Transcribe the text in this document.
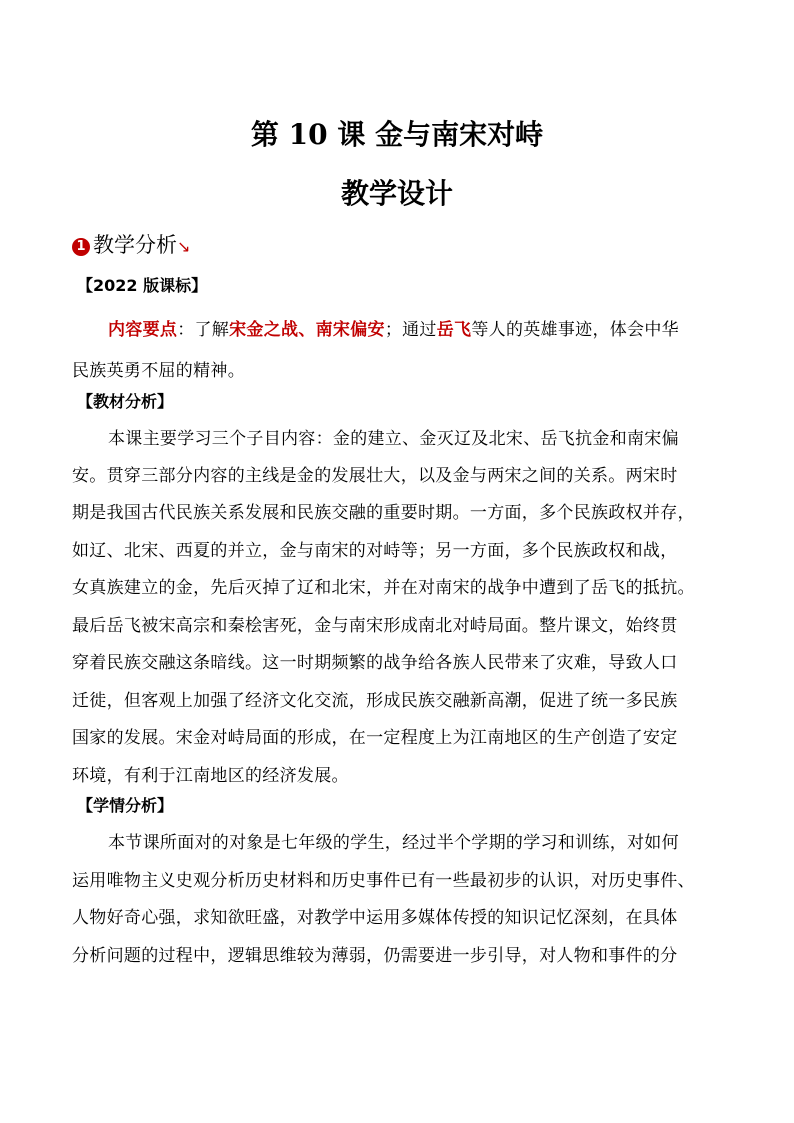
第 10 课 金与南宋对峙
教学设计
1 教学分析↘
【2022 版课标】
内容要点：了解宋金之战、南宋偏安；通过岳飞等人的英雄事迹，体会中华
民族英勇不屈的精神。
【教材分析】
本课主要学习三个子目内容：金的建立、金灭辽及北宋、岳飞抗金和南宋偏
安。贯穿三部分内容的主线是金的发展壮大，以及金与两宋之间的关系。两宋时
期是我国古代民族关系发展和民族交融的重要时期。一方面，多个民族政权并存，
如辽、北宋、西夏的并立，金与南宋的对峙等；另一方面，多个民族政权和战，
女真族建立的金，先后灭掉了辽和北宋，并在对南宋的战争中遭到了岳飞的抵抗。
最后岳飞被宋高宗和秦桧害死，金与南宋形成南北对峙局面。整片课文，始终贯
穿着民族交融这条暗线。这一时期频繁的战争给各族人民带来了灾难，导致人口
迁徙，但客观上加强了经济文化交流，形成民族交融新高潮，促进了统一多民族
国家的发展。宋金对峙局面的形成，在一定程度上为江南地区的生产创造了安定
环境，有利于江南地区的经济发展。
【学情分析】
本节课所面对的对象是七年级的学生，经过半个学期的学习和训练，对如何
运用唯物主义史观分析历史材料和历史事件已有一些最初步的认识，对历史事件、
人物好奇心强，求知欲旺盛，对教学中运用多媒体传授的知识记忆深刻，在具体
分析问题的过程中，逻辑思维较为薄弱，仍需要进一步引导，对人物和事件的分
